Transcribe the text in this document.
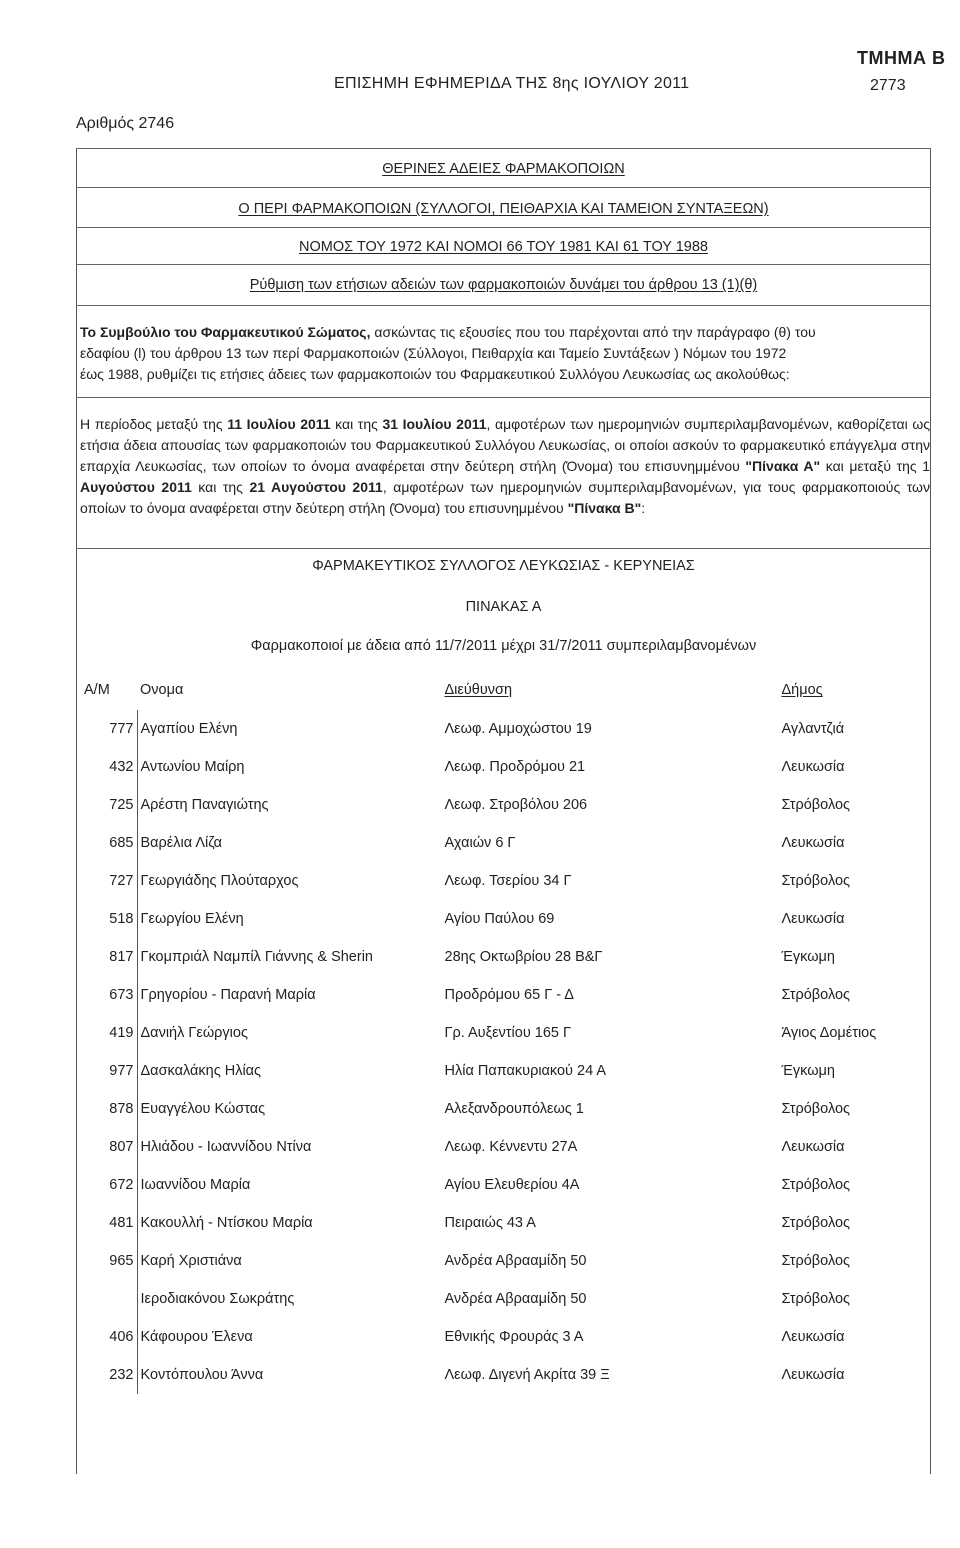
ΤΜΗΜΑ Β
ΕΠΙΣΗΜΗ ΕΦΗΜΕΡΙΔΑ ΤΗΣ 8ης ΙΟΥΛΙΟΥ 2011	2773
Αριθμός 2746
ΘΕΡΙΝΕΣ ΑΔΕΙΕΣ ΦΑΡΜΑΚΟΠΟΙΩΝ
Ο ΠΕΡΙ ΦΑΡΜΑΚΟΠΟΙΩΝ (ΣΥΛΛΟΓΟΙ, ΠΕΙΘΑΡΧΙΑ ΚΑΙ ΤΑΜΕΙΟΝ ΣΥΝΤΑΞΕΩΝ)
ΝΟΜΟΣ ΤΟΥ 1972 ΚΑΙ ΝΟΜΟΙ 66 ΤΟΥ 1981 ΚΑΙ 61 ΤΟΥ 1988
Ρύθμιση των ετήσιων αδειών των φαρμακοποιών δυνάμει του άρθρου 13 (1)(θ)
Το Συμβούλιο του Φαρμακευτικού Σώματος, ασκώντας τις εξουσίες που του παρέχονται από την παράγραφο (θ) του
εδαφίου (l) του άρθρου 13 των περί Φαρμακοποιών (Σύλλογοι, Πειθαρχία και Ταμείο Συντάξεων ) Νόμων του 1972
έως 1988, ρυθμίζει τις ετήσιες άδειες των φαρμακοποιών του Φαρμακευτικού Συλλόγου Λευκωσίας ως ακολούθως:
Η περίοδος μεταξύ της 11 Ιουλίου 2011 και της 31 Ιουλίου 2011, αμφοτέρων των ημερομηνιών συμπεριλαμβανομένων, καθορίζεται ως ετήσια άδεια απουσίας των φαρμακοποιών του Φαρμακευτικού Συλλόγου Λευκωσίας, οι οποίοι ασκούν το φαρμακευτικό επάγγελμα στην επαρχία Λευκωσίας, των οποίων το όνομα αναφέρεται στην δεύτερη στήλη (Όνομα) του επισυνημμένου "Πίνακα Α" και μεταξύ της 1 Αυγούστου 2011 και της 21 Αυγούστου 2011, αμφοτέρων των ημερομηνιών συμπεριλαμβανομένων, για τους φαρμακοποιούς των οποίων το όνομα αναφέρεται στην δεύτερη στήλη (Όνομα) του επισυνημμένου "Πίνακα Β":
ΦΑΡΜΑΚΕΥΤΙΚΟΣ ΣΥΛΛΟΓΟΣ ΛΕΥΚΩΣΙΑΣ - ΚΕΡΥΝΕΙΑΣ
ΠΙΝΑΚΑΣ Α
Φαρμακοποιοί με άδεια από 11/7/2011 μέχρι 31/7/2011 συμπεριλαμβανομένων
Α/Μ	Ονομα	Διεύθυνση	Δήμος
777	Αγαπίου Ελένη	Λεωφ. Αμμοχώστου 19	Αγλαντζιά
432	Αντωνίου Μαίρη	Λεωφ. Προδρόμου 21	Λευκωσία
725	Αρέστη Παναγιώτης	Λεωφ. Στροβόλου 206	Στρόβολος
685	Βαρέλια Λίζα	Αχαιών 6 Γ	Λευκωσία
727	Γεωργιάδης Πλούταρχος	Λεωφ. Τσερίου 34 Γ	Στρόβολος
518	Γεωργίου Ελένη	Αγίου Παύλου 69	Λευκωσία
817	Γκομπριάλ Ναμπίλ Γιάννης & Sherin	28ης Οκτωβρίου 28 Β&Γ	Έγκωμη
673	Γρηγορίου - Παρανή Μαρία	Προδρόμου 65 Γ - Δ	Στρόβολος
419	Δανιήλ Γεώργιος	Γρ. Αυξεντίου 165 Γ	Άγιος Δομέτιος
977	Δασκαλάκης Ηλίας	Ηλία Παπακυριακού 24 Α	Έγκωμη
878	Ευαγγέλου Κώστας	Αλεξανδρουπόλεως 1	Στρόβολος
807	Ηλιάδου - Ιωαννίδου Ντίνα	Λεωφ. Κέννεντυ 27Α	Λευκωσία
672	Ιωαννίδου Μαρία	Αγίου Ελευθερίου 4Α	Στρόβολος
481	Κακουλλή - Ντίσκου Μαρία	Πειραιώς 43 Α	Στρόβολος
965	Καρή Χριστιάνα	Ανδρέα Αβρααμίδη 50	Στρόβολος
	Ιεροδιακόνου Σωκράτης	Ανδρέα Αβρααμίδη 50	Στρόβολος
406	Κάφουρου Έλενα	Εθνικής Φρουράς 3 Α	Λευκωσία
232	Κοντόπουλου Άννα	Λεωφ. Διγενή Ακρίτα 39 Ξ	Λευκωσία
